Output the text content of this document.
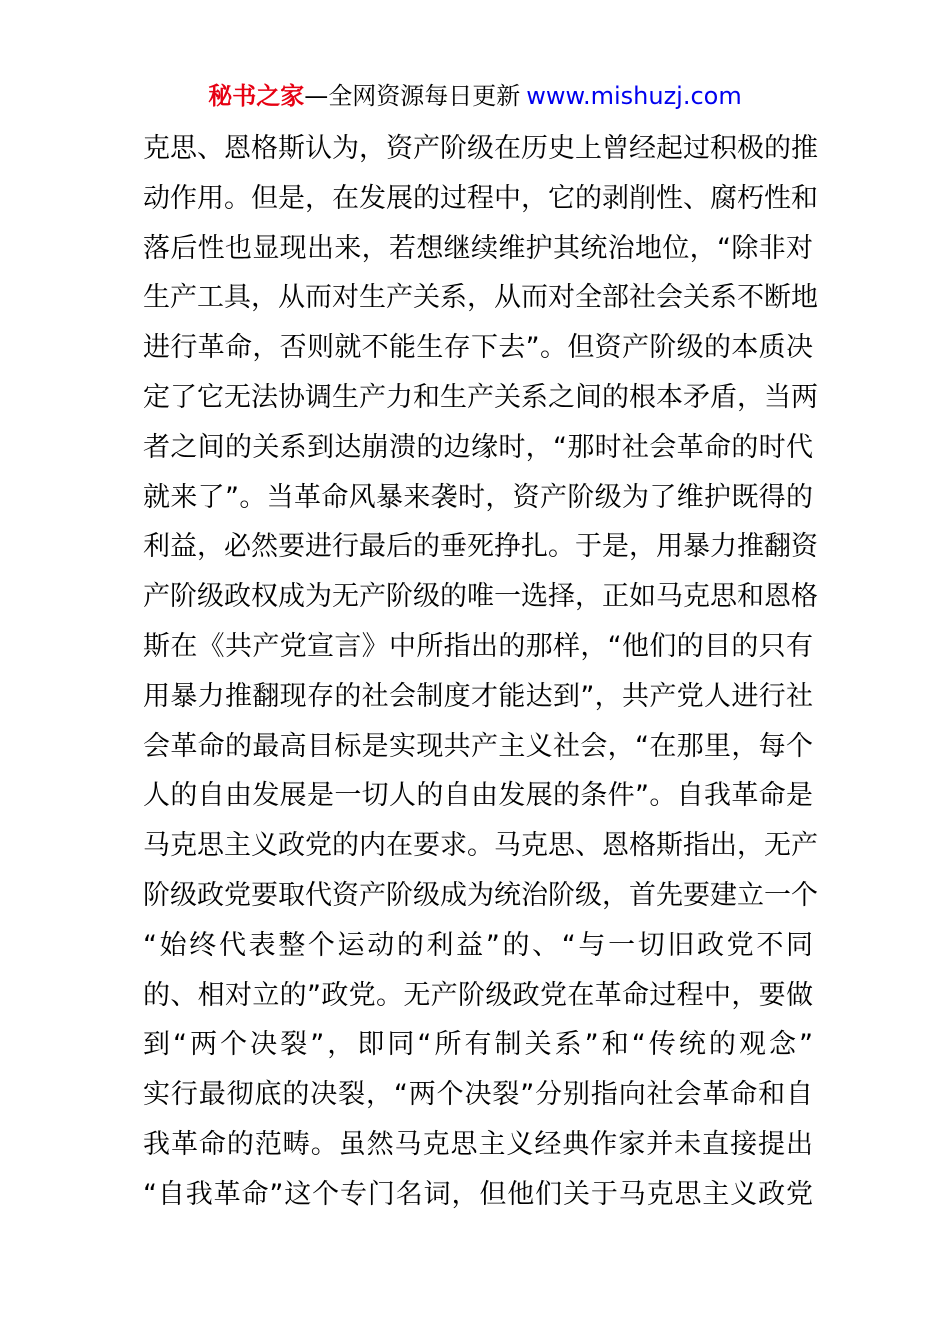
秘书之家—全网资源每日更新 www.mishuzj.com
克思、恩格斯认为，资产阶级在历史上曾经起过积极的推
动作用。但是，在发展的过程中，它的剥削性、腐朽性和
落后性也显现出来，若想继续维护其统治地位，“除非对
生产工具，从而对生产关系，从而对全部社会关系不断地
进行革命，否则就不能生存下去”。但资产阶级的本质决
定了它无法协调生产力和生产关系之间的根本矛盾，当两
者之间的关系到达崩溃的边缘时，“那时社会革命的时代
就来了”。当革命风暴来袭时，资产阶级为了维护既得的
利益，必然要进行最后的垂死挣扎。于是，用暴力推翻资
产阶级政权成为无产阶级的唯一选择，正如马克思和恩格
斯在《共产党宣言》中所指出的那样，“他们的目的只有
用暴力推翻现存的社会制度才能达到”，共产党人进行社
会革命的最高目标是实现共产主义社会，“在那里，每个
人的自由发展是一切人的自由发展的条件”。自我革命是
马克思主义政党的内在要求。马克思、恩格斯指出，无产
阶级政党要取代资产阶级成为统治阶级，首先要建立一个
“始终代表整个运动的利益”的、“与一切旧政党不同
的、相对立的”政党。无产阶级政党在革命过程中，要做
到“两个决裂”，即同“所有制关系”和“传统的观念”
实行最彻底的决裂，“两个决裂”分别指向社会革命和自
我革命的范畴。虽然马克思主义经典作家并未直接提出
“自我革命”这个专门名词，但他们关于马克思主义政党
